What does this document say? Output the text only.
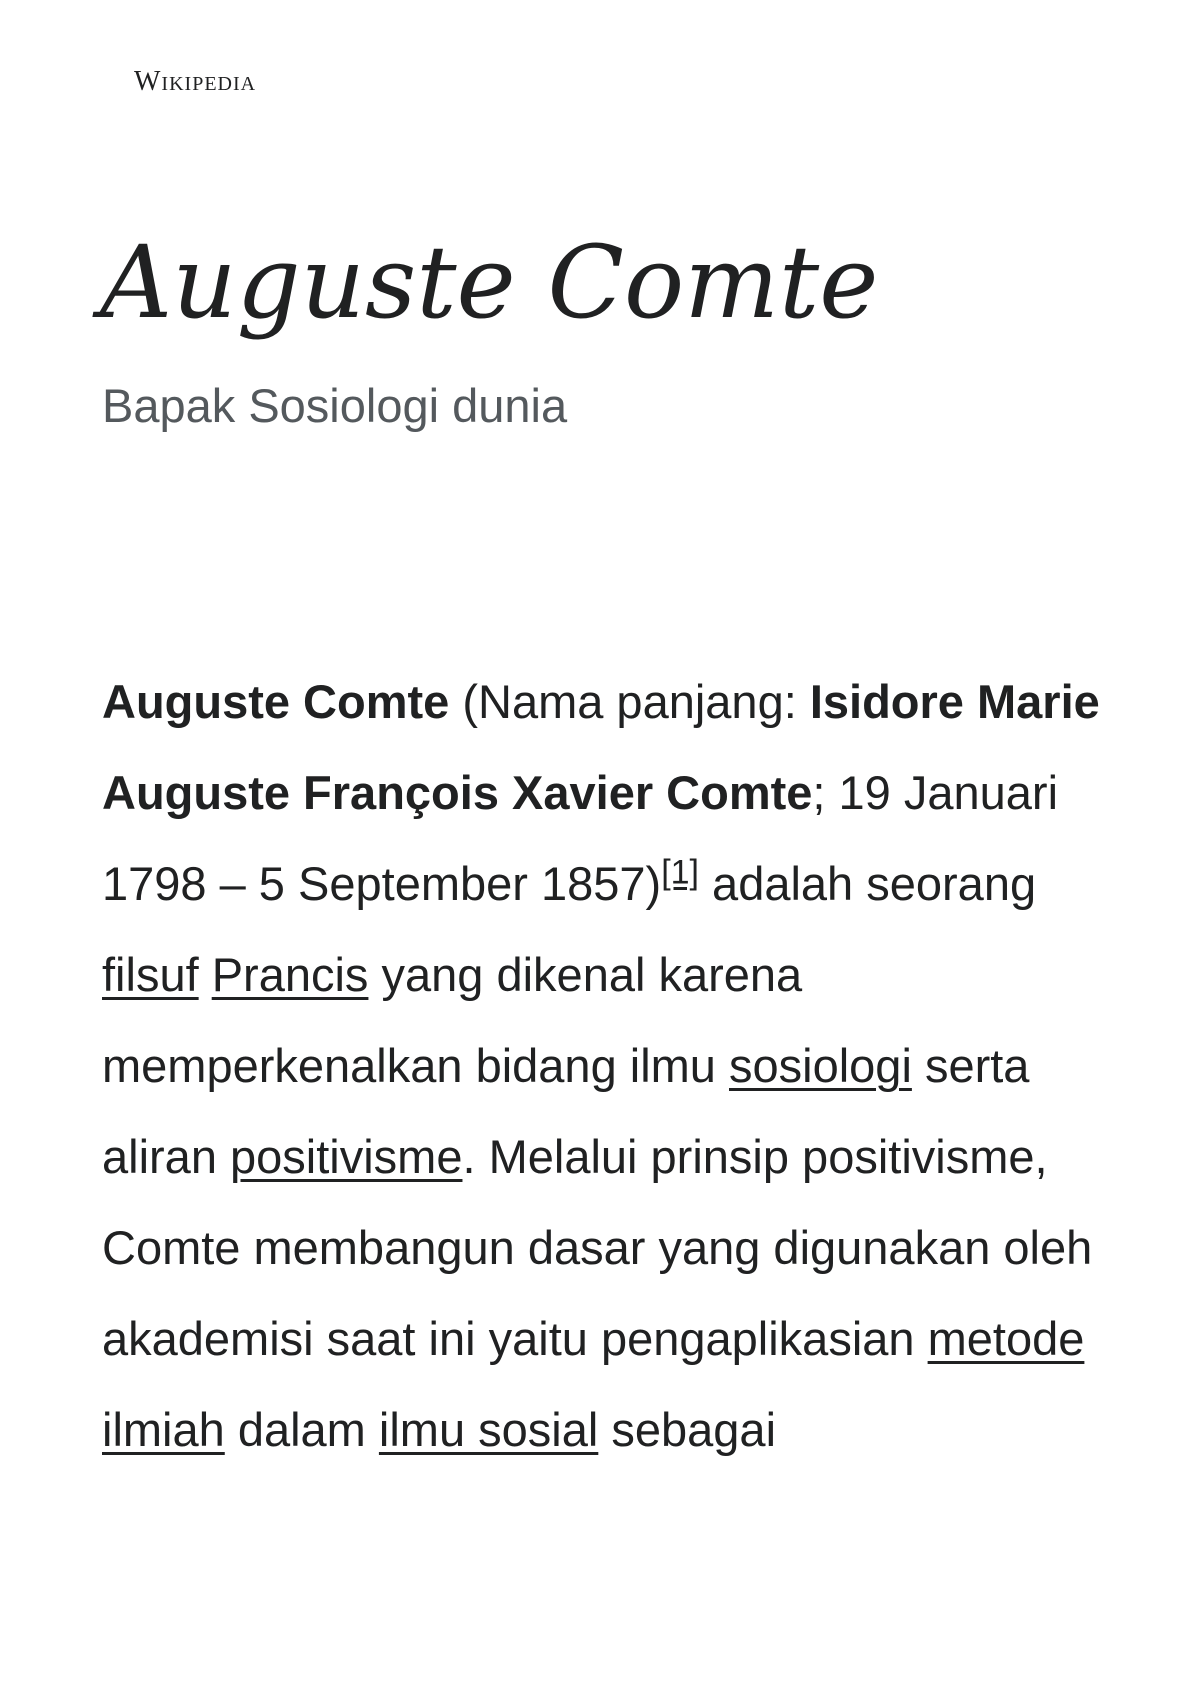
Wikipedia
Auguste Comte
Bapak Sosiologi dunia

Auguste Comte (Nama panjang: Isidore Marie Auguste François Xavier Comte; 19 Januari 1798 – 5 September 1857)[1] adalah seorang filsuf Prancis yang dikenal karena memperkenalkan bidang ilmu sosiologi serta aliran positivisme. Melalui prinsip positivisme, Comte membangun dasar yang digunakan oleh akademisi saat ini yaitu pengaplikasian metode ilmiah dalam ilmu sosial sebagai
